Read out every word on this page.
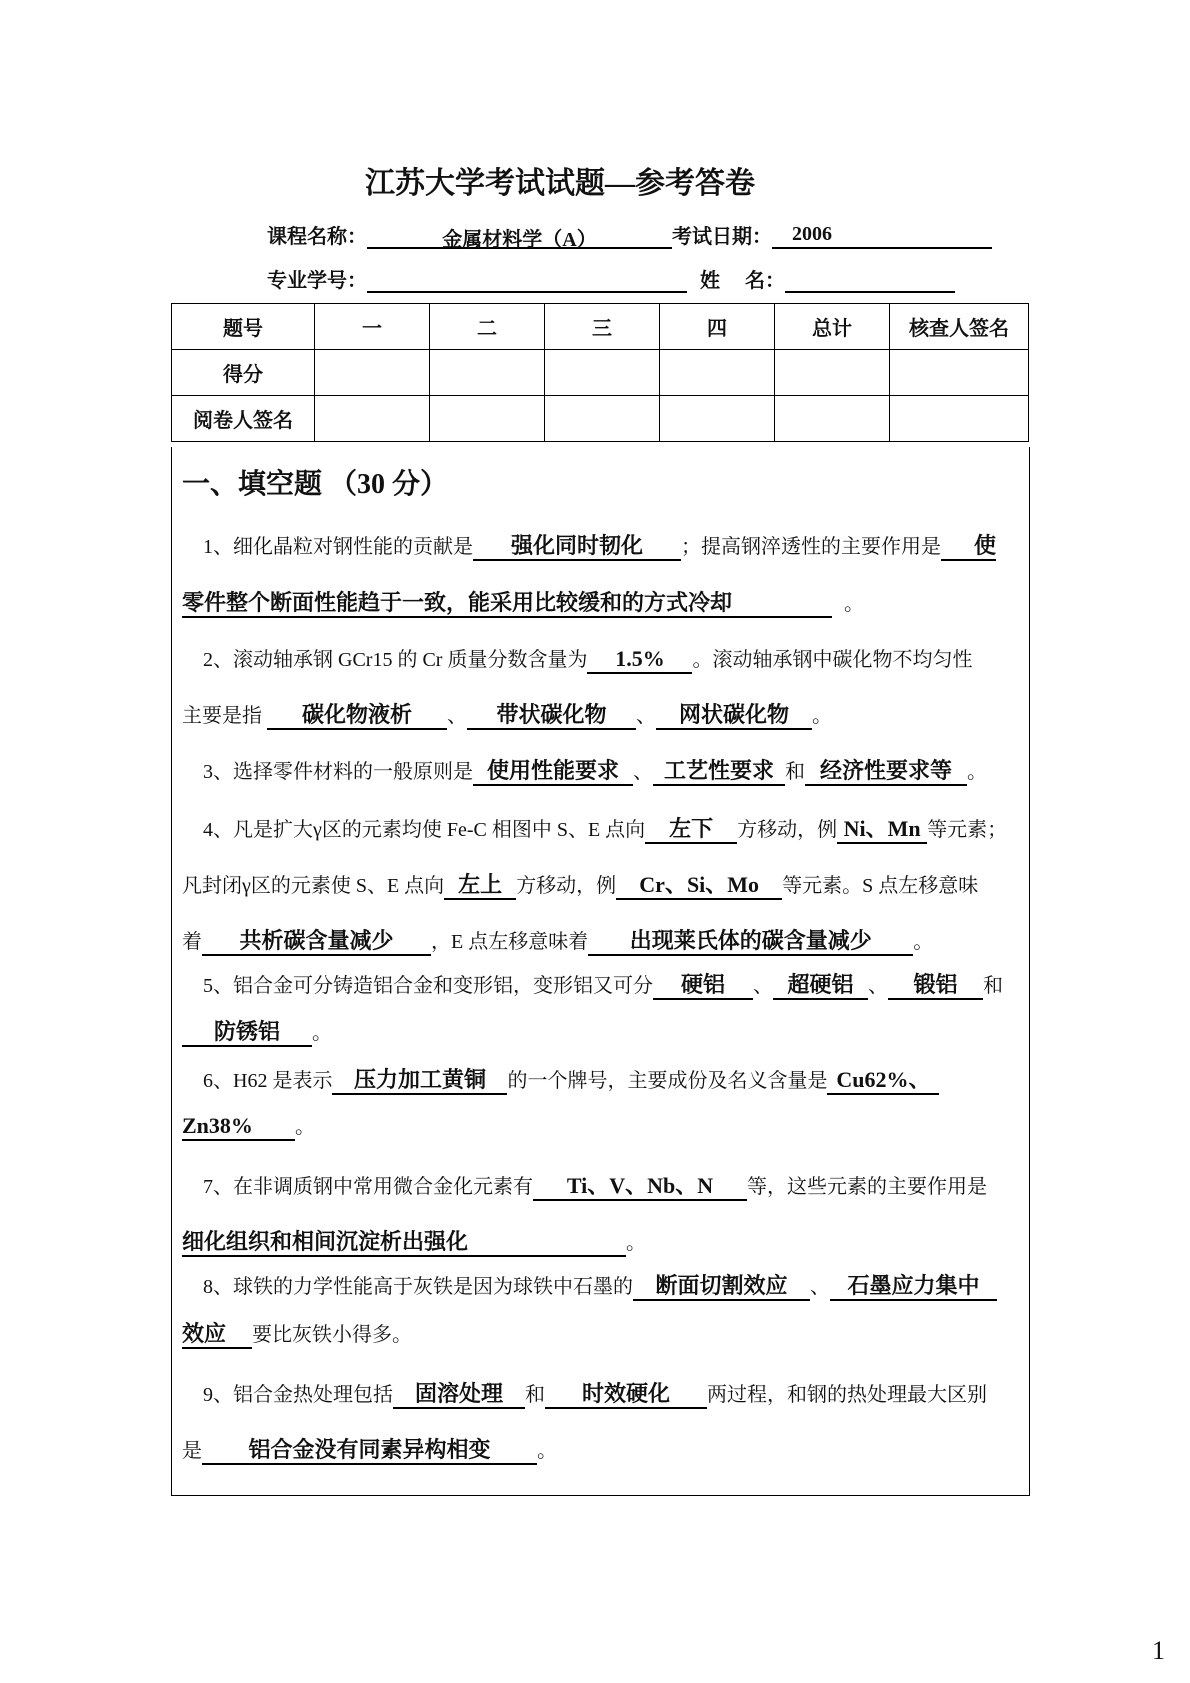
江苏大学考试试题—参考答卷
课程名称：	金属材料学（A）	考试日期： 2006
专业学号：	姓　 名：
题号	一	二	三	四	总计	核查人签名
得分						
阅卷人签名						
一、填空题 （30 分）
1、细化晶粒对钢性能的贡献是 强化同时韧化 ；提高钢淬透性的主要作用是 使
零件整个断面性能趋于一致，能采用比较缓和的方式冷却	。
2、滚动轴承钢 GCr15 的 Cr 质量分数含量为 1.5% 。滚动轴承钢中碳化物不均匀性
主要是指 碳化物液析 、 带状碳化物 、 网状碳化物 。
3、选择零件材料的一般原则是 使用性能要求 、 工艺性要求 和 经济性要求等 。
4、凡是扩大γ区的元素均使 Fe-C 相图中 S、E 点向 左下 方移动，例 Ni、Mn 等元素；
凡封闭γ区的元素使 S、E 点向 左上 方移动，例 Cr、Si、Mo 等元素。S 点左移意味
着 共析碳含量减少 ，E 点左移意味着 出现莱氏体的碳含量减少 。
5、铝合金可分铸造铝合金和变形铝，变形铝又可分 硬铝 、 超硬铝 、 锻铝 和
防锈铝 。
6、H62 是表示 压力加工黄铜 的一个牌号，主要成份及名义含量是 Cu62%、
Zn38% 。
7、在非调质钢中常用微合金化元素有 Ti、V、Nb、N 等，这些元素的主要作用是
细化组织和相间沉淀析出强化	。
8、球铁的力学性能高于灰铁是因为球铁中石墨的 断面切割效应 、 石墨应力集中
效应 要比灰铁小得多。
9、铝合金热处理包括 固溶处理 和 时效硬化 两过程，和钢的热处理最大区别
是 铝合金没有同素异构相变 。
1
